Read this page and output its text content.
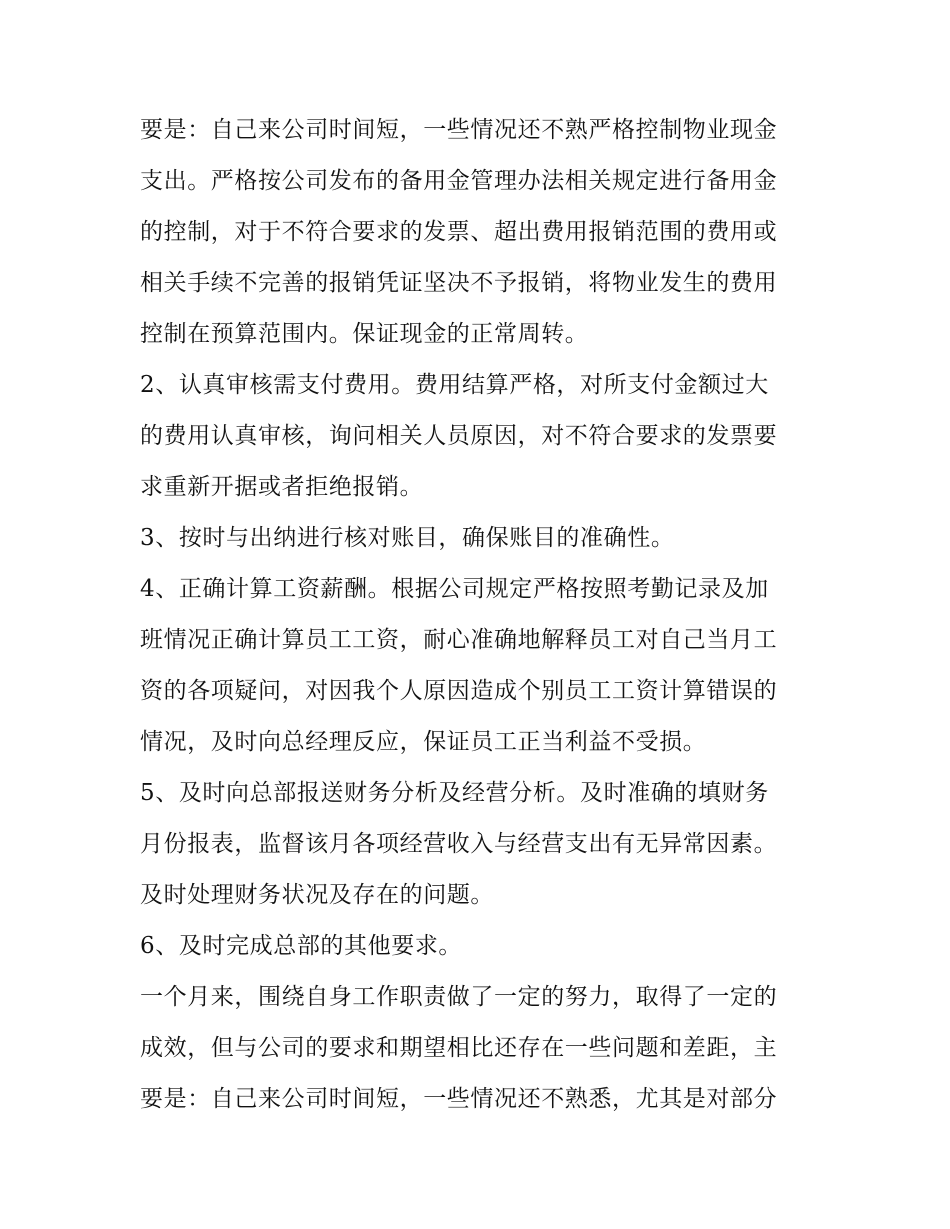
要是：自己来公司时间短，一些情况还不熟严格控制物业现金
支出。严格按公司发布的备用金管理办法相关规定进行备用金
的控制，对于不符合要求的发票、超出费用报销范围的费用或
相关手续不完善的报销凭证坚决不予报销，将物业发生的费用
控制在预算范围内。保证现金的正常周转。
2、认真审核需支付费用。费用结算严格，对所支付金额过大
的费用认真审核，询问相关人员原因，对不符合要求的发票要
求重新开据或者拒绝报销。
3、按时与出纳进行核对账目，确保账目的准确性。
4、正确计算工资薪酬。根据公司规定严格按照考勤记录及加
班情况正确计算员工工资，耐心准确地解释员工对自己当月工
资的各项疑问，对因我个人原因造成个别员工工资计算错误的
情况，及时向总经理反应，保证员工正当利益不受损。
5、及时向总部报送财务分析及经营分析。及时准确的填财务
月份报表，监督该月各项经营收入与经营支出有无异常因素。
及时处理财务状况及存在的问题。
6、及时完成总部的其他要求。
一个月来，围绕自身工作职责做了一定的努力，取得了一定的
成效，但与公司的要求和期望相比还存在一些问题和差距，主
要是：自己来公司时间短，一些情况还不熟悉，尤其是对部分
